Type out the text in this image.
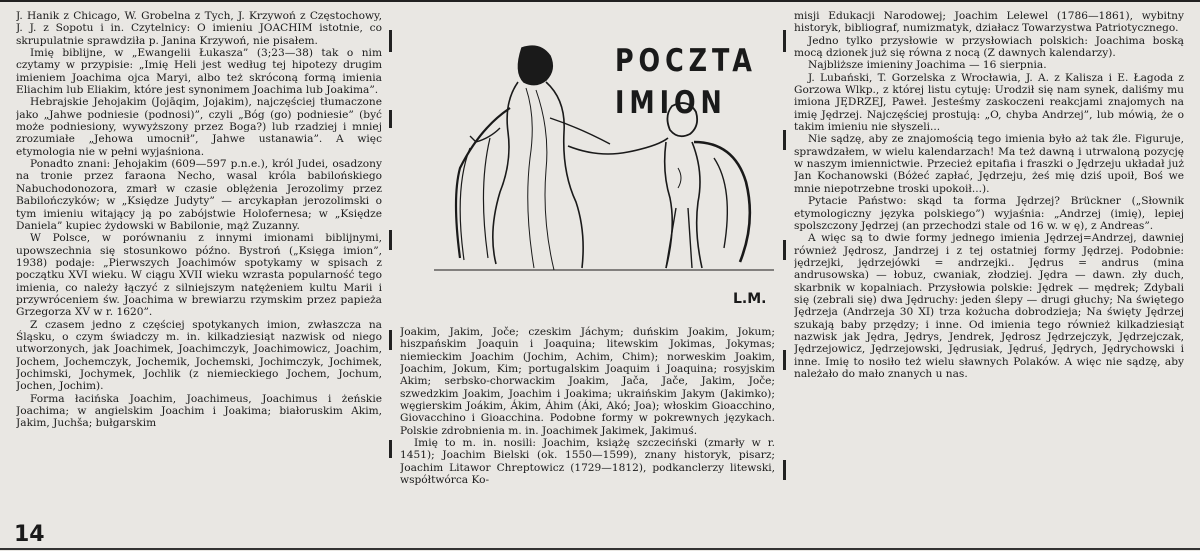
J. Hanik z Chicago, W. Grobelna z Tych, J. Krzywoń z Częstochowy, J. J. z Sopotu i in. Czytelnicy: O imieniu JOACHIM istotnie, co skrupulatnie sprawdziła p. Janina Krzywoń, nie pisałem.

Imię biblijne, w „Ewangelii Łukasza” (3;23—38) tak o nim czytamy w przypisie: „Imię Heli jest według tej hipotezy drugim imieniem Joachima ojca Maryi, albo też skróconą formą imienia Eliachim lub Eliakim, które jest synonimem Joachima lub Joakima”.

Hebrajskie Jehojakim (Jojāqim, Jojakim), najczęściej tłumaczone jako „Jahwe podniesie (podnosi)”, czyli „Bóg (go) podniesie” (być może podniesiony, wywyższony przez Boga?) lub rzadziej i mniej zrozumiałe „Jehowa umocnił”, Jahwe ustanawia”. A więc etymologia nie w pełni wyjaśniona.

Ponadto znani: Jehojakim (609—597 p.n.e.), król Judei, osadzony na tronie przez faraona Necho, wasal króla babilońskiego Nabuchodonozora, zmarł w czasie oblężenia Jerozolimy przez Babilończyków; w „Księdze Judyty” — arcykapłan jerozolimski o tym imieniu witający ją po zabójstwie Holofernesa; w „Księdze Daniela” kupiec żydowski w Babilonie, mąż Zuzanny.

W Polsce, w porównaniu z innymi imionami biblijnymi, upowszechnia się stosunkowo późno. Bystroń („Księga imion”, 1938) podaje: „Pierwszych Joachimów spotykamy w spisach z początku XVI wieku. W ciągu XVII wieku wzrasta popularność tego imienia, co należy łączyć z silniejszym natężeniem kultu Marii i przywróceniem św. Joachima w brewiarzu rzymskim przez papieża Grzegorza XV w r. 1620”.

Z czasem jedno z częściej spotykanych imion, zwłaszcza na Śląsku, o czym świadczy m. in. kilkadziesiąt nazwisk od niego utworzonych, jak Joachimek, Joachimczyk, Joachimowicz, Joachim, Jochem, Jochemczyk, Jochemik, Jochemski, Jochimczyk, Jochimek, Jochimski, Jochymek, Jochlik (z niemieckiego Jochem, Jochum, Jochen, Jochim).

Forma łacińska Joachim, Joachimeus, Joachimus i żeńskie Joachima; w angielskim Joachim i Joakima; białoruskim Akim, Jakim, Juchša; bułgarskim

POCZTA
IMION
L.M.

Joakim, Jakim, Joče; czeskim Jáchym; duńskim Joakim, Jokum; hiszpańskim Joaquin i Joaquina; litewskim Jokimas, Jokymas; niemieckim Joachim (Jochim, Achim, Chim); norweskim Joakim, Joachim, Jokum, Kim; portugalskim Joaquim i Joaquina; rosyjskim Akim; serbsko-chorwackim Joakim, Jača, Jače, Jakim, Joče; szwedzkim Joakim, Joachim i Joakima; ukraińskim Jakym (Jakimko); węgierskim Joákim, Ákim, Áhim (Áki, Akó; Joa); włoskim Gioacchino, Giovacchino i Gioacchina. Podobne formy w pokrewnych językach. Polskie zdrobnienia m. in. Joachimek Jakimek, Jakimuś.

Imię to m. in. nosili: Joachim, książę szczeciński (zmarły w r. 1451); Joachim Bielski (ok. 1550—1599), znany historyk, pisarz; Joachim Litawor Chreptowicz (1729—1812), podkanclerzy litewski, współtwórca Ko-

misji Edukacji Narodowej; Joachim Lelewel (1786—1861), wybitny historyk, bibliograf, numizmatyk, działacz Towarzystwa Patriotycznego.

Jedno tylko przysłowie w przysłowiach polskich: Joachima boską mocą dzionek już się równa z nocą (Z dawnych kalendarzy).

Najbliższe imieniny Joachima — 16 sierpnia.

J. Lubański, T. Gorzelska z Wrocławia, J. A. z Kalisza i E. Łagoda z Gorzowa Wlkp., z której listu cytuję: Urodził się nam synek, daliśmy mu imiona JĘDRZEJ, Paweł. Jesteśmy zaskoczeni reakcjami znajomych na imię Jędrzej. Najczęściej prostują: „O, chyba Andrzej”, lub mówią, że o takim imieniu nie słyszeli...

Nie sądzę, aby ze znajomością tego imienia było aż tak źle. Figuruje, sprawdzałem, w wielu kalendarzach! Ma też dawną i utrwaloną pozycję w naszym imiennictwie. Przecież epitafia i fraszki o Jędrzeju układał już Jan Kochanowski (Bóżeć zapłać, Jędrzeju, żeś mię dziś upoił, Boś we mnie niepotrzebne troski upokoił...).

Pytacie Państwo: skąd ta forma Jędrzej? Brückner („Słownik etymologiczny języka polskiego”) wyjaśnia: „Andrzej (imię), lepiej spolszczony Jędrzej (an przechodzi stale od 16 w. w ę), z Andreas”.

A więc są to dwie formy jednego imienia Jędrzej=Andrzej, dawniej również Jędrosz, Jandrzej i z tej ostatniej formy Jędrzej. Podobnie: jędrzejki, jędrzejówki = andrzejki.. Jędrus = andrus (mina andrusowska) — łobuz, cwaniak, złodziej. Jędra — dawn. zły duch, skarbnik w kopalniach. Przysłowia polskie: Jędrek — mędrek; Zdybali się (zebrali się) dwa Jędruchy: jeden ślepy — drugi głuchy; Na świętego Jędrzeja (Andrzeja 30 XI) trza kożucha dobrodzieja; Na święty Jędrzej szukają baby przędzy; i inne. Od imienia tego również kilkadziesiąt nazwisk jak Jędra, Jędrys, Jendrek, Jędrosz Jędrzejczyk, Jędrzejczak, Jędrzejowicz, Jędrzejowski, Jędrusiak, Jędruś, Jędrych, Jędrychowski i inne. Imię to nosiło też wielu sławnych Polaków. A więc nie sądzę, aby należało do mało znanych u nas.

14
